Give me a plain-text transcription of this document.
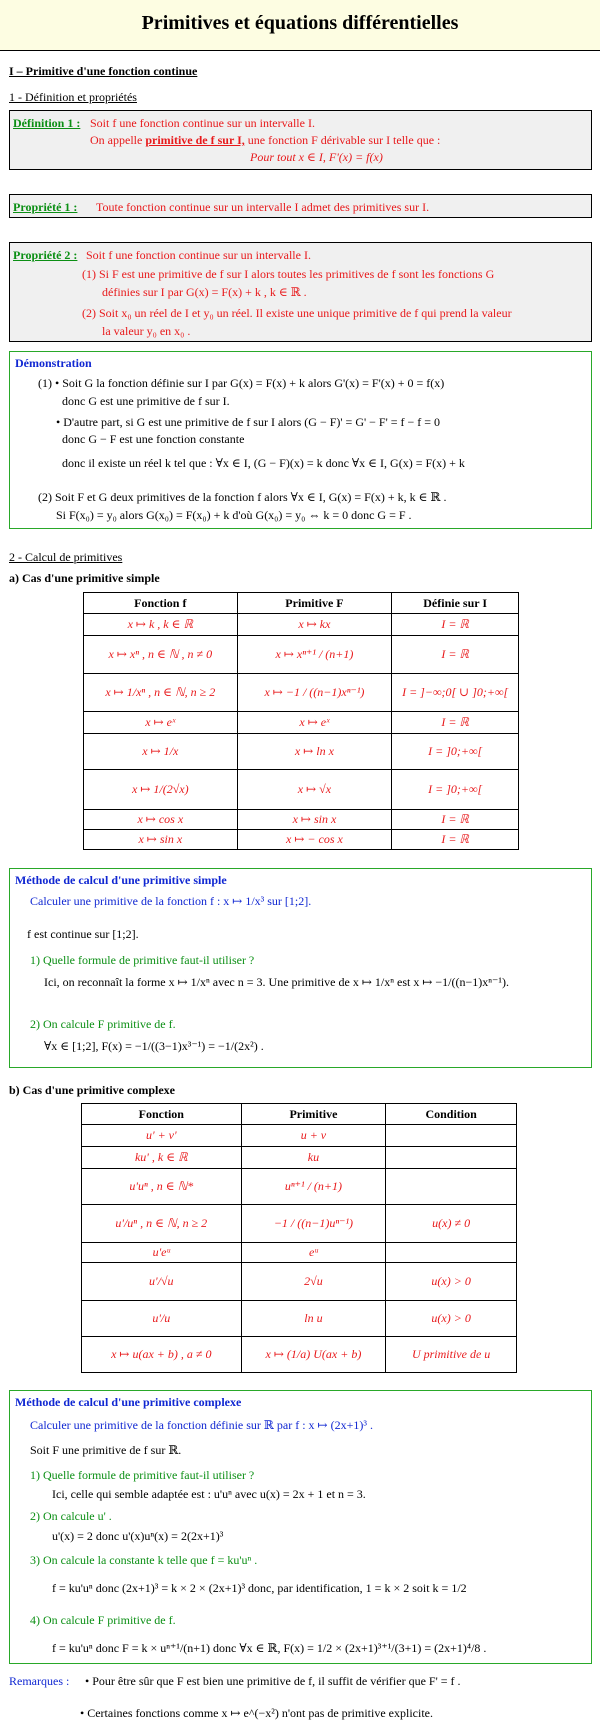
Primitives et équations différentielles
I – Primitive d'une fonction continue
1 - Définition et propriétés
Définition 1 : Soit f une fonction continue sur un intervalle I.
On appelle primitive de f sur I, une fonction F dérivable sur I telle que :
Pour tout x ∈ I, F'(x) = f(x)
Propriété 1 : Toute fonction continue sur un intervalle I admet des primitives sur I.
Propriété 2 : Soit f une fonction continue sur un intervalle I.
(1) Si F est une primitive de f sur I alors toutes les primitives de f sont les fonctions G
définies sur I par G(x) = F(x) + k , k ∈ ℝ .
(2) Soit x₀ un réel de I et y₀ un réel. Il existe une unique primitive de f qui prend la valeur
la valeur y₀ en x₀ .
Démonstration
(1) • Soit G la fonction définie sur I par G(x) = F(x) + k alors G'(x) = F'(x) + 0 = f(x)
donc G est une primitive de f sur I.
• D'autre part, si G est une primitive de f sur I alors (G − F)' = G' − F' = f − f = 0
donc G − F est une fonction constante
donc il existe un réel k tel que : ∀x ∈ I, (G − F)(x) = k donc ∀x ∈ I, G(x) = F(x) + k
(2) Soit F et G deux primitives de la fonction f alors ∀x ∈ I, G(x) = F(x) + k, k ∈ ℝ .
Si F(x₀) = y₀ alors G(x₀) = F(x₀) + k d'où G(x₀) = y₀ ⇔ k = 0 donc G = F .
2 - Calcul de primitives
a) Cas d'une primitive simple
Fonction f	Primitive F	Définie sur I
x ↦ k , k ∈ ℝ	x ↦ kx	I = ℝ
x ↦ xⁿ , n ∈ ℕ , n ≠ 0	x ↦ xⁿ⁺¹ / (n+1)	I = ℝ
x ↦ 1/xⁿ , n ∈ ℕ, n ≥ 2	x ↦ −1 / ((n−1)xⁿ⁻¹)	I = ]−∞;0[ ∪ ]0;+∞[
x ↦ eˣ	x ↦ eˣ	I = ℝ
x ↦ 1/x	x ↦ ln x	I = ]0;+∞[
x ↦ 1/(2√x)	x ↦ √x	I = ]0;+∞[
x ↦ cos x	x ↦ sin x	I = ℝ
x ↦ sin x	x ↦ − cos x	I = ℝ
Méthode de calcul d'une primitive simple
Calculer une primitive de la fonction f : x ↦ 1/x³ sur [1;2].
f est continue sur [1;2].
1) Quelle formule de primitive faut-il utiliser ?
Ici, on reconnaît la forme x ↦ 1/xⁿ avec n = 3. Une primitive de x ↦ 1/xⁿ est x ↦ −1/((n−1)xⁿ⁻¹).
2) On calcule F primitive de f.
∀x ∈ [1;2], F(x) = −1/((3−1)x³⁻¹) = −1/(2x²) .
b) Cas d'une primitive complexe
Fonction	Primitive	Condition
u' + v'	u + v	
ku' , k ∈ ℝ	ku	
u'uⁿ , n ∈ ℕ*	uⁿ⁺¹ / (n+1)	
u'/uⁿ , n ∈ ℕ, n ≥ 2	−1 / ((n−1)uⁿ⁻¹)	u(x) ≠ 0
u'eᵘ	eᵘ	
u'/√u	2√u	u(x) > 0
u'/u	ln u	u(x) > 0
x ↦ u(ax + b) , a ≠ 0	x ↦ (1/a) U(ax + b)	U primitive de u
Méthode de calcul d'une primitive complexe
Calculer une primitive de la fonction définie sur ℝ par f : x ↦ (2x+1)³ .
Soit F une primitive de f sur ℝ.
1) Quelle formule de primitive faut-il utiliser ?
Ici, celle qui semble adaptée est : u'uⁿ avec u(x) = 2x + 1 et n = 3.
2) On calcule u' .
u'(x) = 2 donc u'(x)uⁿ(x) = 2(2x+1)³
3) On calcule la constante k telle que f = ku'uⁿ .
f = ku'uⁿ donc (2x+1)³ = k × 2 × (2x+1)³ donc, par identification, 1 = k × 2 soit k = 1/2
4) On calcule F primitive de f.
f = ku'uⁿ donc F = k × uⁿ⁺¹/(n+1) donc ∀x ∈ ℝ, F(x) = 1/2 × (2x+1)³⁺¹/(3+1) = (2x+1)⁴/8 .
Remarques : • Pour être sûr que F est bien une primitive de f, il suffit de vérifier que F' = f .
• Certaines fonctions comme x ↦ e^(−x²) n'ont pas de primitive explicite.
